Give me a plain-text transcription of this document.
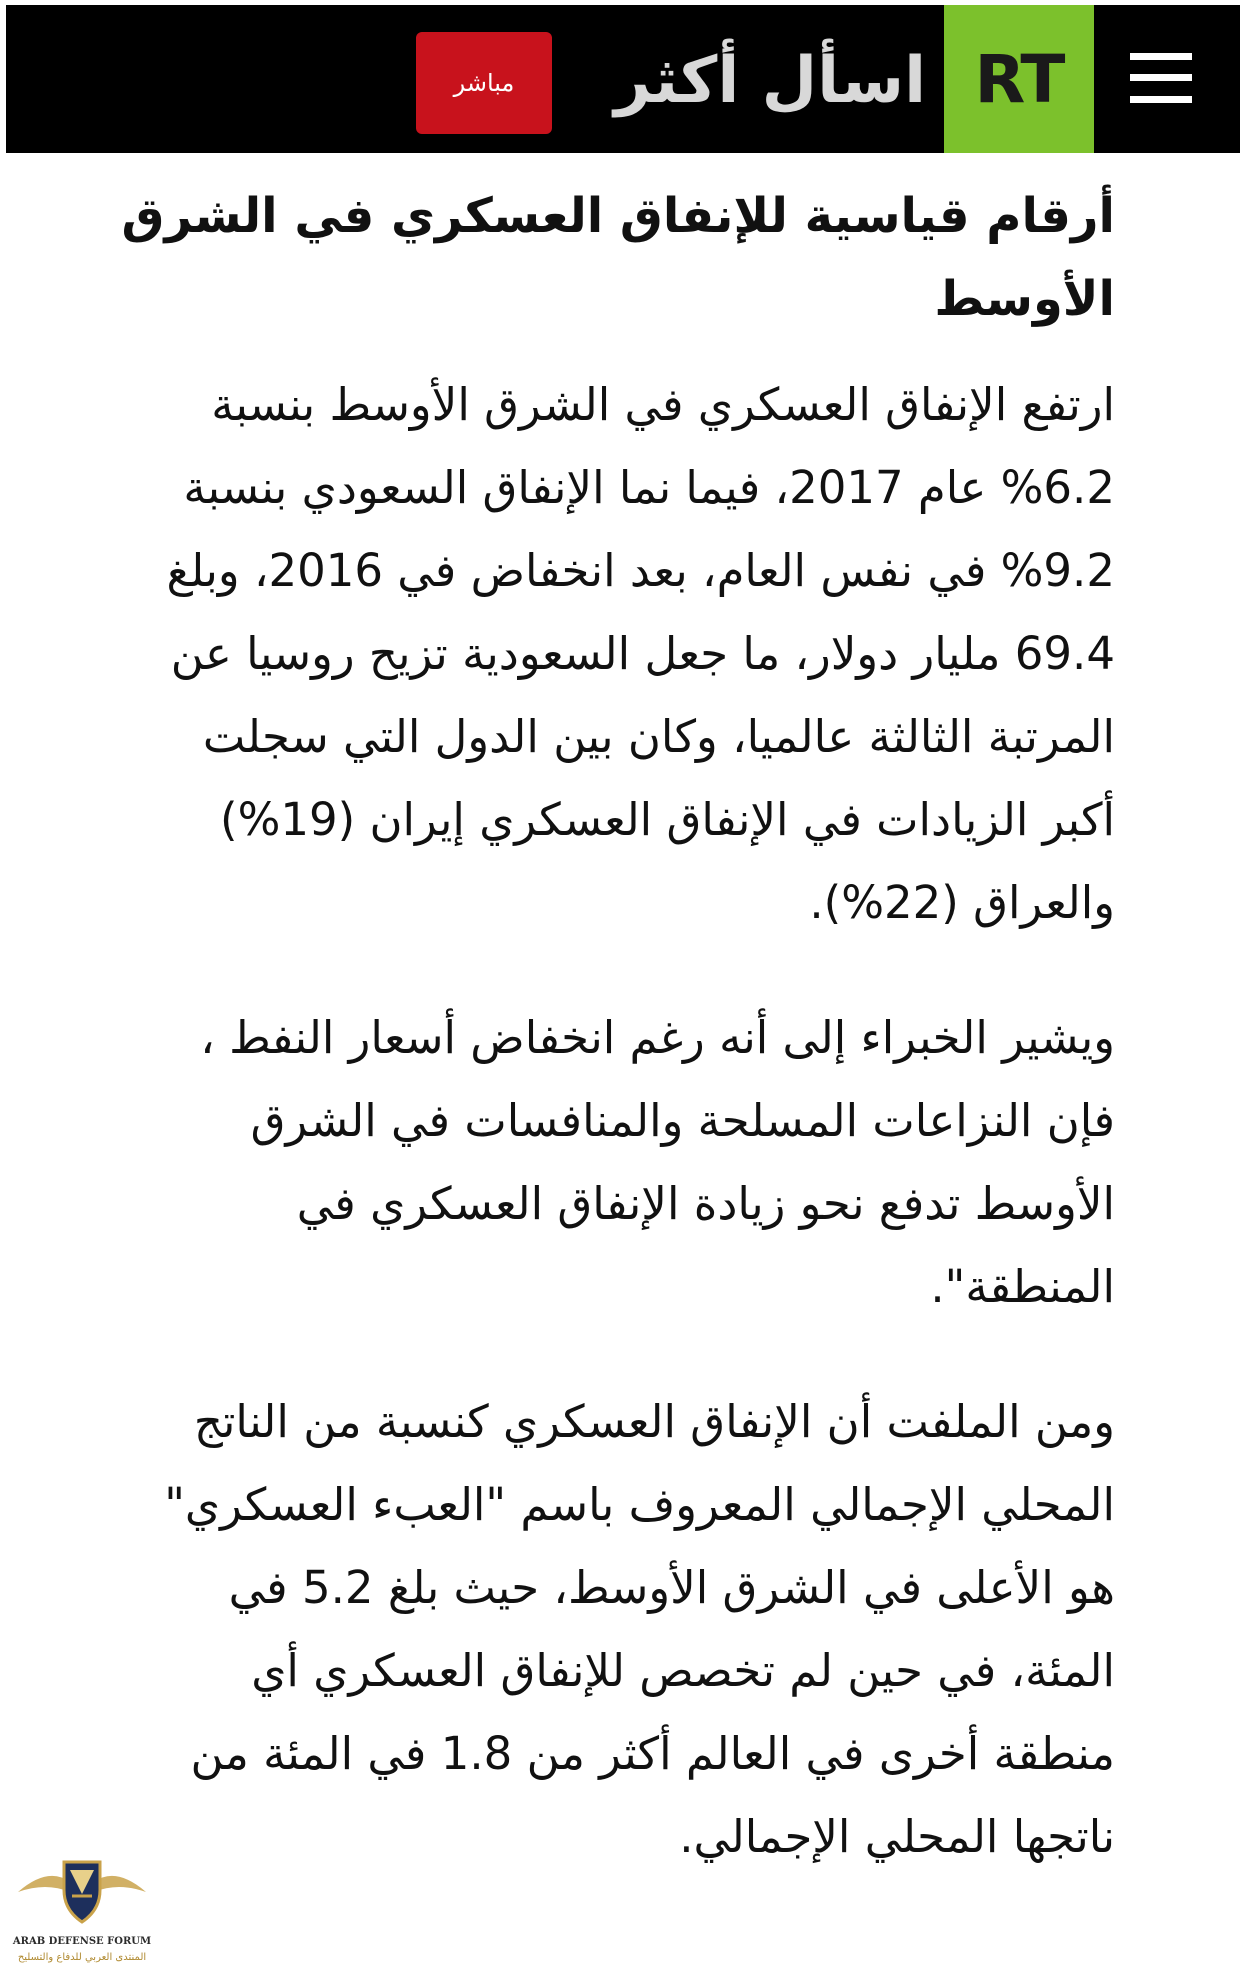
RT
اسأل أكثر
مباشر
أرقام قياسية للإنفاق العسكري في الشرق الأوسط

ارتفع الإنفاق العسكري في الشرق الأوسط بنسبة 6.2% عام 2017، فيما نما الإنفاق السعودي بنسبة 9.2% في نفس العام، بعد انخفاض في 2016، وبلغ 69.4 مليار دولار، ما جعل السعودية تزيح روسيا عن المرتبة الثالثة عالميا، وكان بين الدول التي سجلت أكبر الزيادات في الإنفاق العسكري إيران (19%) والعراق (22%).

ويشير الخبراء إلى أنه رغم انخفاض أسعار النفط ، فإن النزاعات المسلحة والمنافسات في الشرق الأوسط تدفع نحو زيادة الإنفاق العسكري في المنطقة".

ومن الملفت أن الإنفاق العسكري كنسبة من الناتج المحلي الإجمالي المعروف باسم "العبء العسكري" هو الأعلى في الشرق الأوسط، حيث بلغ 5.2 في المئة، في حين لم تخصص للإنفاق العسكري أي منطقة أخرى في العالم أكثر من 1.8 في المئة من ناتجها المحلي الإجمالي.

ARAB DEFENSE FORUM
المنتدى العربي للدفاع والتسليح
